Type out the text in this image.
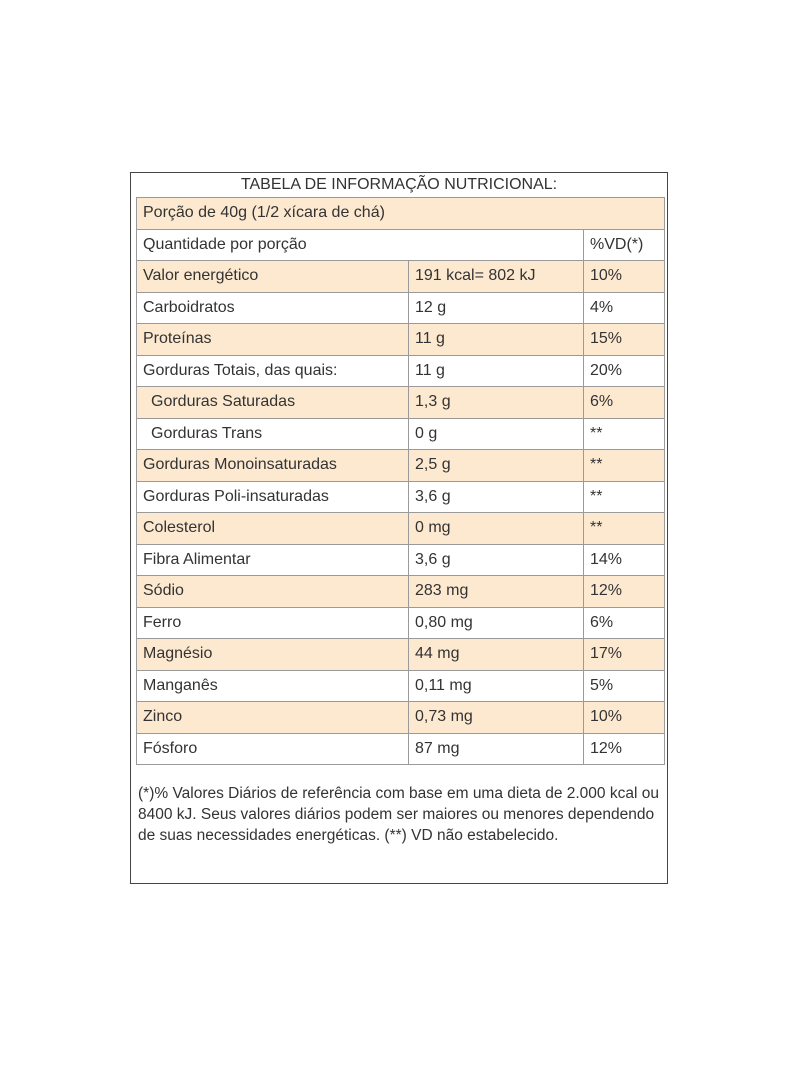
TABELA DE INFORMAÇÃO NUTRICIONAL:
Porção de 40g (1/2 xícara de chá)		
Quantidade por porção		%VD(*)
Valor energético	191 kcal= 802 kJ	10%
Carboidratos	12 g	4%
Proteínas	11 g	15%
Gorduras Totais, das quais:	11 g	20%
Gorduras Saturadas	1,3 g	6%
Gorduras Trans	0 g	**
Gorduras Monoinsaturadas	2,5 g	**
Gorduras Poli-insaturadas	3,6 g	**
Colesterol	0 mg	**
Fibra Alimentar	3,6 g	14%
Sódio	283 mg	12%
Ferro	0,80 mg	6%
Magnésio	44 mg	17%
Manganês	0,11 mg	5%
Zinco	0,73 mg	10%
Fósforo	87 mg	12%
(*)% Valores Diários de referência com base em uma dieta de 2.000 kcal ou 8400 kJ. Seus valores diários podem ser maiores ou menores dependendo de suas necessidades energéticas. (**) VD não estabelecido.
